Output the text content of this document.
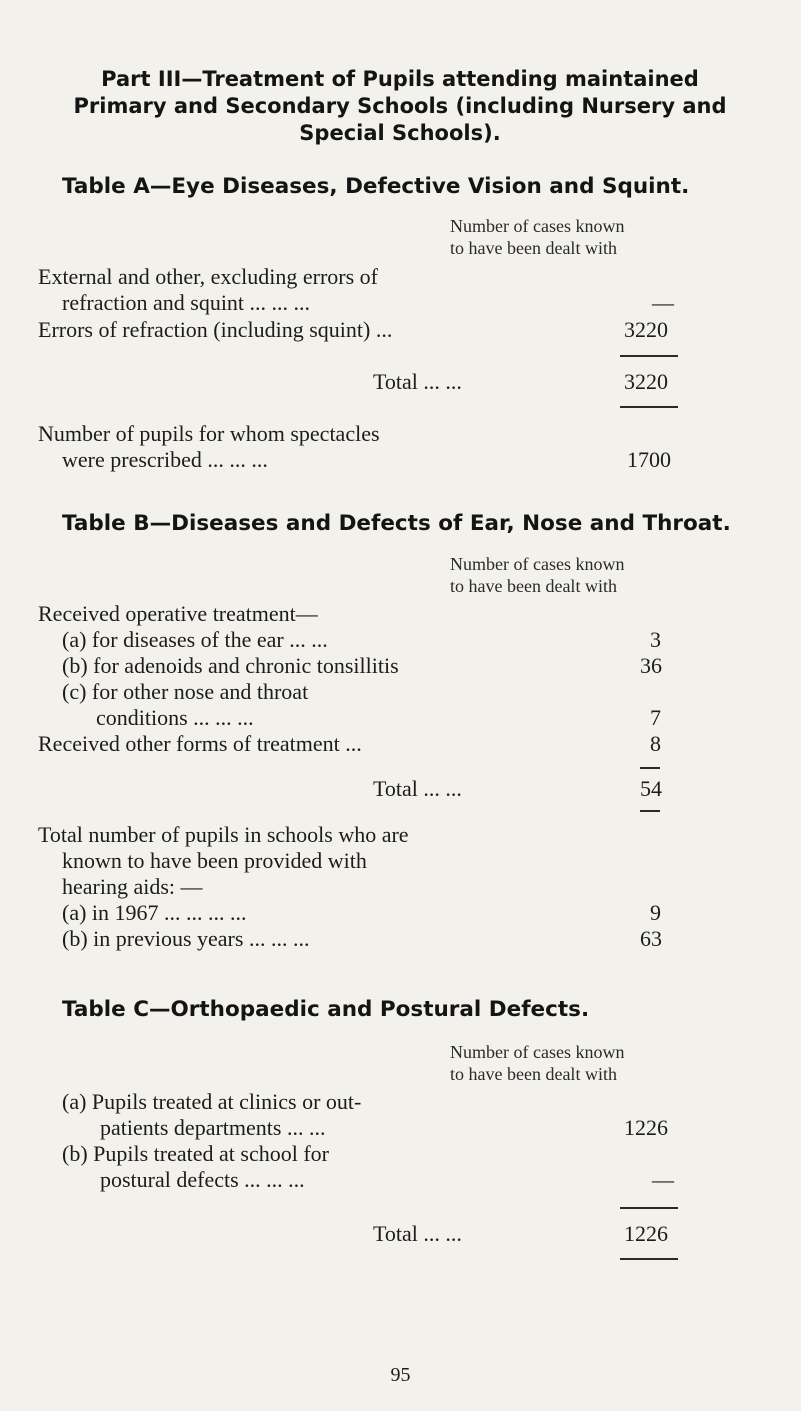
Part III—Treatment of Pupils attending maintained
Primary and Secondary Schools (including Nursery and
Special Schools).
Table A—Eye Diseases, Defective Vision and Squint.
Number of cases known
to have been dealt with
External and other, excluding errors of
refraction and squint ... ... ...	—
Errors of refraction (including squint) ...	3220
Total ... ...	3220
Number of pupils for whom spectacles
were prescribed ... ... ...	1700
Table B—Diseases and Defects of Ear, Nose and Throat.
Number of cases known
to have been dealt with
Received operative treatment—
(a) for diseases of the ear ... ...	3
(b) for adenoids and chronic tonsillitis	36
(c) for other nose and throat
conditions ... ... ...	7
Received other forms of treatment ...	8
Total ... ...	54
Total number of pupils in schools who are
known to have been provided with
hearing aids: —
(a) in 1967 ... ... ... ...	9
(b) in previous years ... ... ...	63
Table C—Orthopaedic and Postural Defects.
Number of cases known
to have been dealt with
(a) Pupils treated at clinics or out-
patients departments ... ...	1226
(b) Pupils treated at school for
postural defects ... ... ...	—
Total ... ...	1226
95
